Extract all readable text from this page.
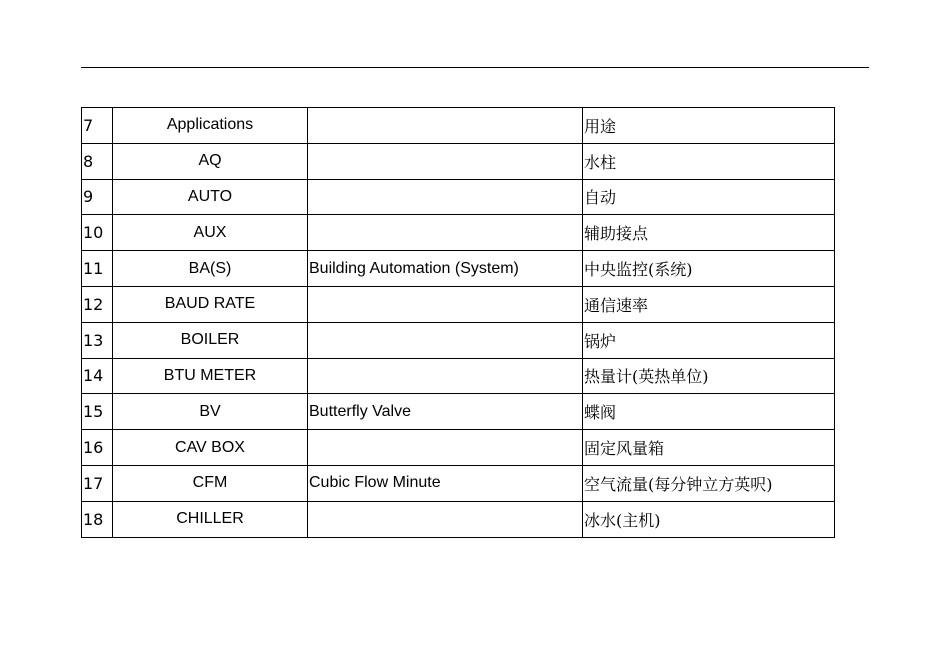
7	Applications		用途
8	AQ		水柱
9	AUTO		自动
10	AUX		辅助接点
11	BA(S)	Building Automation (System)	中央监控(系统)
12	BAUD RATE		通信速率
13	BOILER		锅炉
14	BTU METER		热量计(英热单位)
15	BV	Butterfly Valve	蝶阀
16	CAV BOX		固定风量箱
17	CFM	Cubic Flow Minute	空气流量(每分钟立方英呎)
18	CHILLER		冰水(主机)
